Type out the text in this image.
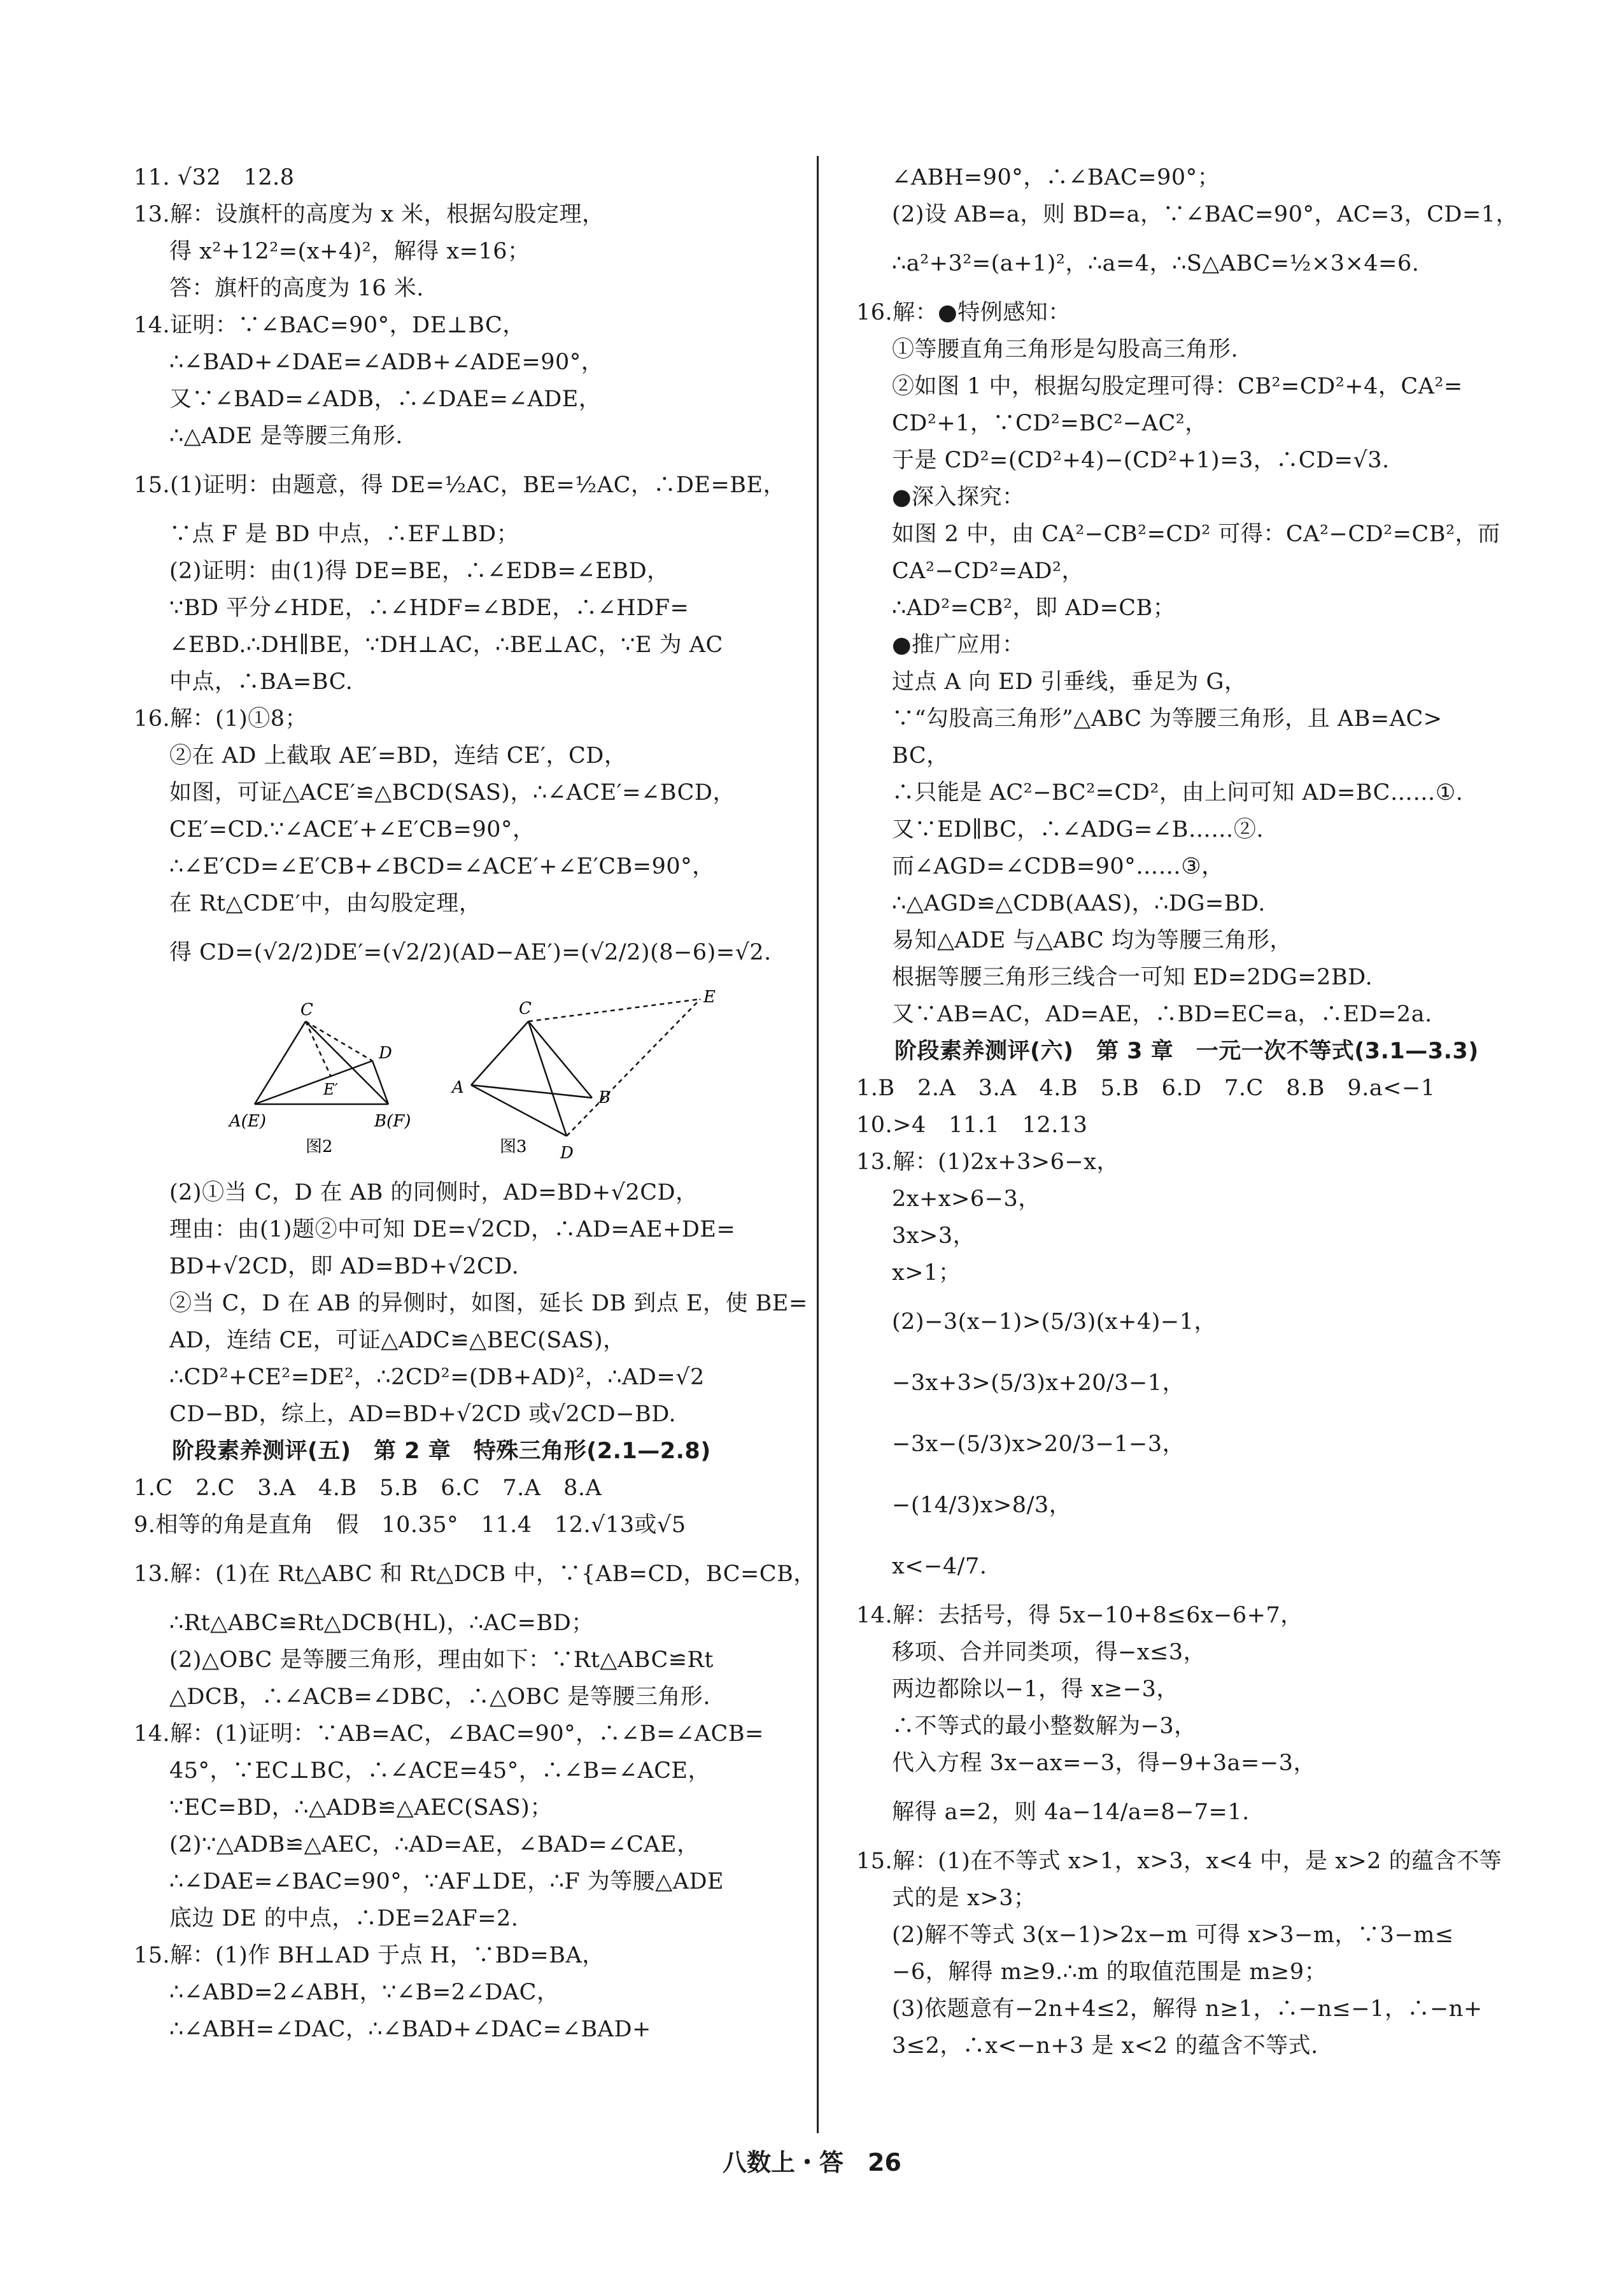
11. √32　12.8
13.解：设旗杆的高度为 x 米，根据勾股定理，
得 x²+12²=(x+4)²，解得 x=16；
答：旗杆的高度为 16 米.
14.证明：∵∠BAC=90°，DE⊥BC，
∴∠BAD+∠DAE=∠ADB+∠ADE=90°，
又∵∠BAD=∠ADB，∴∠DAE=∠ADE，
∴△ADE 是等腰三角形.
15.(1)证明：由题意，得 DE=½AC，BE=½AC，∴DE=BE，
∵点 F 是 BD 中点，∴EF⊥BD；
(2)证明：由(1)得 DE=BE，∴∠EDB=∠EBD，
∵BD 平分∠HDE，∴∠HDF=∠BDE，∴∠HDF=
∠EBD.∴DH∥BE，∵DH⊥AC，∴BE⊥AC，∵E 为 AC
中点，∴BA=BC.
16.解：(1)①8；
②在 AD 上截取 AE′=BD，连结 CE′，CD，
如图，可证△ACE′≌△BCD(SAS)，∴∠ACE′=∠BCD，
CE′=CD.∵∠ACE′+∠E′CB=90°，
∴∠E′CD=∠E′CB+∠BCD=∠ACE′+∠E′CB=90°，
在 Rt△CDE′中，由勾股定理，
得 CD=(√2/2)DE′=(√2/2)(AD−AE′)=(√2/2)(8−6)=√2.
C
D
E′
A(E)	B(F)
图2
C
E
A
B
D
图3
(2)①当 C，D 在 AB 的同侧时，AD=BD+√2CD，
理由：由(1)题②中可知 DE=√2CD，∴AD=AE+DE=
BD+√2CD，即 AD=BD+√2CD.
②当 C，D 在 AB 的异侧时，如图，延长 DB 到点 E，使 BE=
AD，连结 CE，可证△ADC≌△BEC(SAS)，
∴CD²+CE²=DE²，∴2CD²=(DB+AD)²，∴AD=√2
CD−BD，综上，AD=BD+√2CD 或√2CD−BD.
阶段素养测评(五)　第 2 章　特殊三角形(2.1—2.8)
1.C　2.C　3.A　4.B　5.B　6.C　7.A　8.A
9.相等的角是直角　假　10.35°　11.4　12.√13或√5
13.解：(1)在 Rt△ABC 和 Rt△DCB 中，∵{AB=CD，BC=CB，
∴Rt△ABC≌Rt△DCB(HL)，∴AC=BD；
(2)△OBC 是等腰三角形，理由如下：∵Rt△ABC≌Rt
△DCB，∴∠ACB=∠DBC，∴△OBC 是等腰三角形.
14.解：(1)证明：∵AB=AC，∠BAC=90°，∴∠B=∠ACB=
45°，∵EC⊥BC，∴∠ACE=45°，∴∠B=∠ACE，
∵EC=BD，∴△ADB≌△AEC(SAS)；
(2)∵△ADB≌△AEC，∴AD=AE，∠BAD=∠CAE，
∴∠DAE=∠BAC=90°，∵AF⊥DE，∴F 为等腰△ADE
底边 DE 的中点，∴DE=2AF=2.
15.解：(1)作 BH⊥AD 于点 H，∵BD=BA，
∴∠ABD=2∠ABH，∵∠B=2∠DAC，
∴∠ABH=∠DAC，∴∠BAD+∠DAC=∠BAD+
∠ABH=90°，∴∠BAC=90°；
(2)设 AB=a，则 BD=a，∵∠BAC=90°，AC=3，CD=1，
∴a²+3²=(a+1)²，∴a=4，∴S△ABC=½×3×4=6.
16.解：●特例感知：
①等腰直角三角形是勾股高三角形.
②如图 1 中，根据勾股定理可得：CB²=CD²+4，CA²=
CD²+1，∵CD²=BC²−AC²，
于是 CD²=(CD²+4)−(CD²+1)=3，∴CD=√3.
●深入探究：
如图 2 中，由 CA²−CB²=CD² 可得：CA²−CD²=CB²，而
CA²−CD²=AD²，
∴AD²=CB²，即 AD=CB；
●推广应用：
过点 A 向 ED 引垂线，垂足为 G，
∵“勾股高三角形”△ABC 为等腰三角形，且 AB=AC>
BC，
∴只能是 AC²−BC²=CD²，由上问可知 AD=BC……①.
又∵ED∥BC，∴∠ADG=∠B……②.
而∠AGD=∠CDB=90°……③，
∴△AGD≌△CDB(AAS)，∴DG=BD.
易知△ADE 与△ABC 均为等腰三角形，
根据等腰三角形三线合一可知 ED=2DG=2BD.
又∵AB=AC，AD=AE，∴BD=EC=a，∴ED=2a.
阶段素养测评(六)　第 3 章　一元一次不等式(3.1—3.3)
1.B　2.A　3.A　4.B　5.B　6.D　7.C　8.B　9.a<−1
10.>4　11.1　12.13
13.解：(1)2x+3>6−x，
2x+x>6−3，
3x>3，
x>1；
(2)−3(x−1)>(5/3)(x+4)−1，
−3x+3>(5/3)x+20/3−1，
−3x−(5/3)x>20/3−1−3，
−(14/3)x>8/3，
x<−4/7.
14.解：去括号，得 5x−10+8≤6x−6+7，
移项、合并同类项，得−x≤3，
两边都除以−1，得 x≥−3，
∴不等式的最小整数解为−3，
代入方程 3x−ax=−3，得−9+3a=−3，
解得 a=2，则 4a−14/a=8−7=1.
15.解：(1)在不等式 x>1，x>3，x<4 中，是 x>2 的蕴含不等
式的是 x>3；
(2)解不等式 3(x−1)>2x−m 可得 x>3−m，∵3−m≤
−6，解得 m≥9.∴m 的取值范围是 m≥9；
(3)依题意有−2n+4≤2，解得 n≥1，∴−n≤−1，∴−n+
3≤2，∴x<−n+3 是 x<2 的蕴含不等式.
八数上・答　26
